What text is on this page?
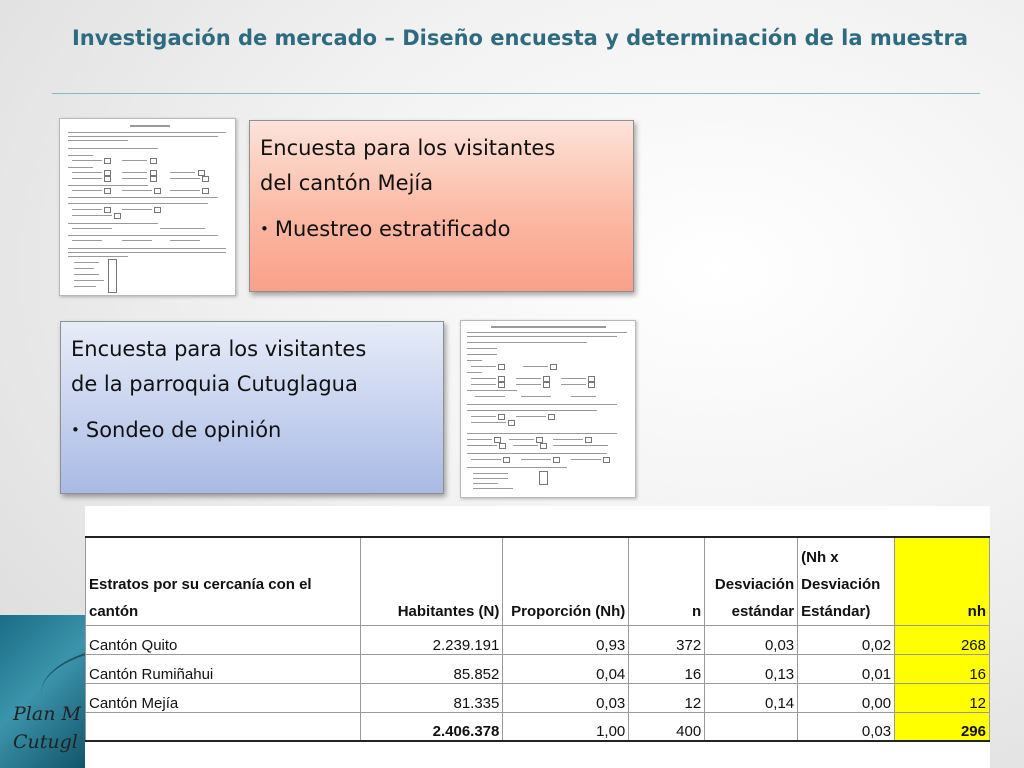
Investigación de mercado – Diseño encuesta y determinación de la muestra

Encuesta para los visitantes
del cantón Mejía

• Muestreo estratificado

Encuesta para los visitantes
de la parroquia Cutuglagua

• Sondeo de opinión
Plan M
Cutugl
Estratos por su cercanía con el cantón	Habitantes (N)	Proporción (Nh)	n	Desviación estándar	(Nh x Desviación Estándar)	nh
Cantón Quito	2.239.191	0,93	372	0,03	0,02	268
Cantón Rumiñahui	85.852	0,04	16	0,13	0,01	16
Cantón Mejía	81.335	0,03	12	0,14	0,00	12
	2.406.378	1,00	400		0,03	296
